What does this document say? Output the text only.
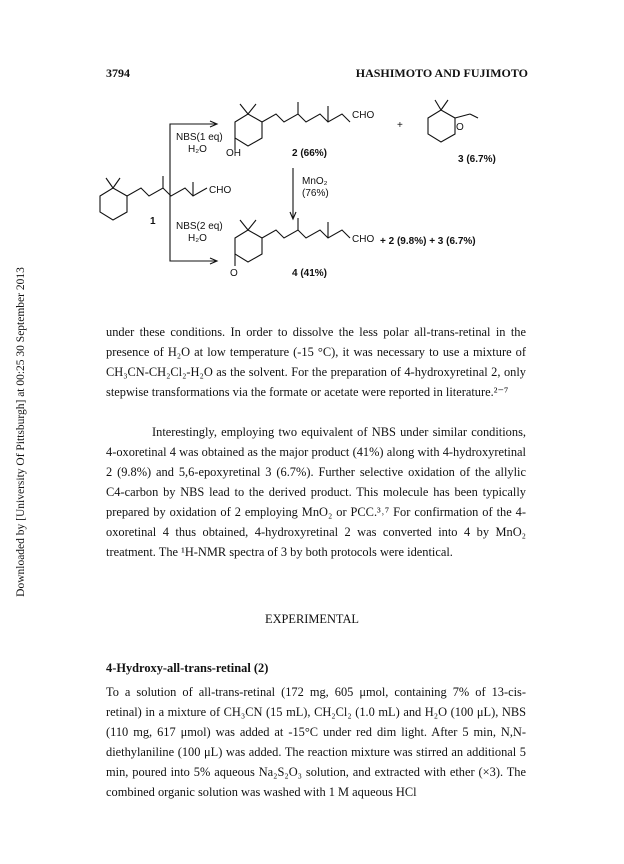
Downloaded by [University Of Pittsburgh] at 00:25 30 September 2013
3794	HASHIMOTO AND FUJIMOTO
CHO
OH	2 (66%)
+	O
3 (6.7%)
NBS(1 eq)
H₂O
NBS(2 eq)
H₂O
CHO
1
MnO₂
(76%)
CHO
O	4 (41%)
+ 2 (9.8%) + 3 (6.7%)

under these conditions. In order to dissolve the less polar all-trans-retinal in the presence of H₂O at low temperature (-15 °C), it was necessary to use a mixture of CH₃CN-CH₂Cl₂-H₂O as the solvent. For the preparation of 4-hydroxyretinal 2, only stepwise transformations via the formate or acetate were reported in literature.²⁻⁷

Interestingly, employing two equivalent of NBS under similar conditions, 4-oxoretinal 4 was obtained as the major product (41%) along with 4-hydroxyretinal 2 (9.8%) and 5,6-epoxyretinal 3 (6.7%). Further selective oxidation of the allylic C4-carbon by NBS lead to the derived product. This molecule has been typically prepared by oxidation of 2 employing MnO₂ or PCC.³˒⁷ For confirmation of the 4-oxoretinal 4 thus obtained, 4-hydroxyretinal 2 was converted into 4 by MnO₂ treatment. The ¹H-NMR spectra of 3 by both protocols were identical.

EXPERIMENTAL
4-Hydroxy-all-trans-retinal (2)

To a solution of all-trans-retinal (172 mg, 605 μmol, containing 7% of 13-cis-retinal) in a mixture of CH₃CN (15 mL), CH₂Cl₂ (1.0 mL) and H₂O (100 μL), NBS (110 mg, 617 μmol) was added at -15°C under red dim light. After 5 min, N,N-diethylaniline (100 μL) was added. The reaction mixture was stirred an additional 5 min, poured into 5% aqueous Na₂S₂O₃ solution, and extracted with ether (×3). The combined organic solution was washed with 1 M aqueous HCl
